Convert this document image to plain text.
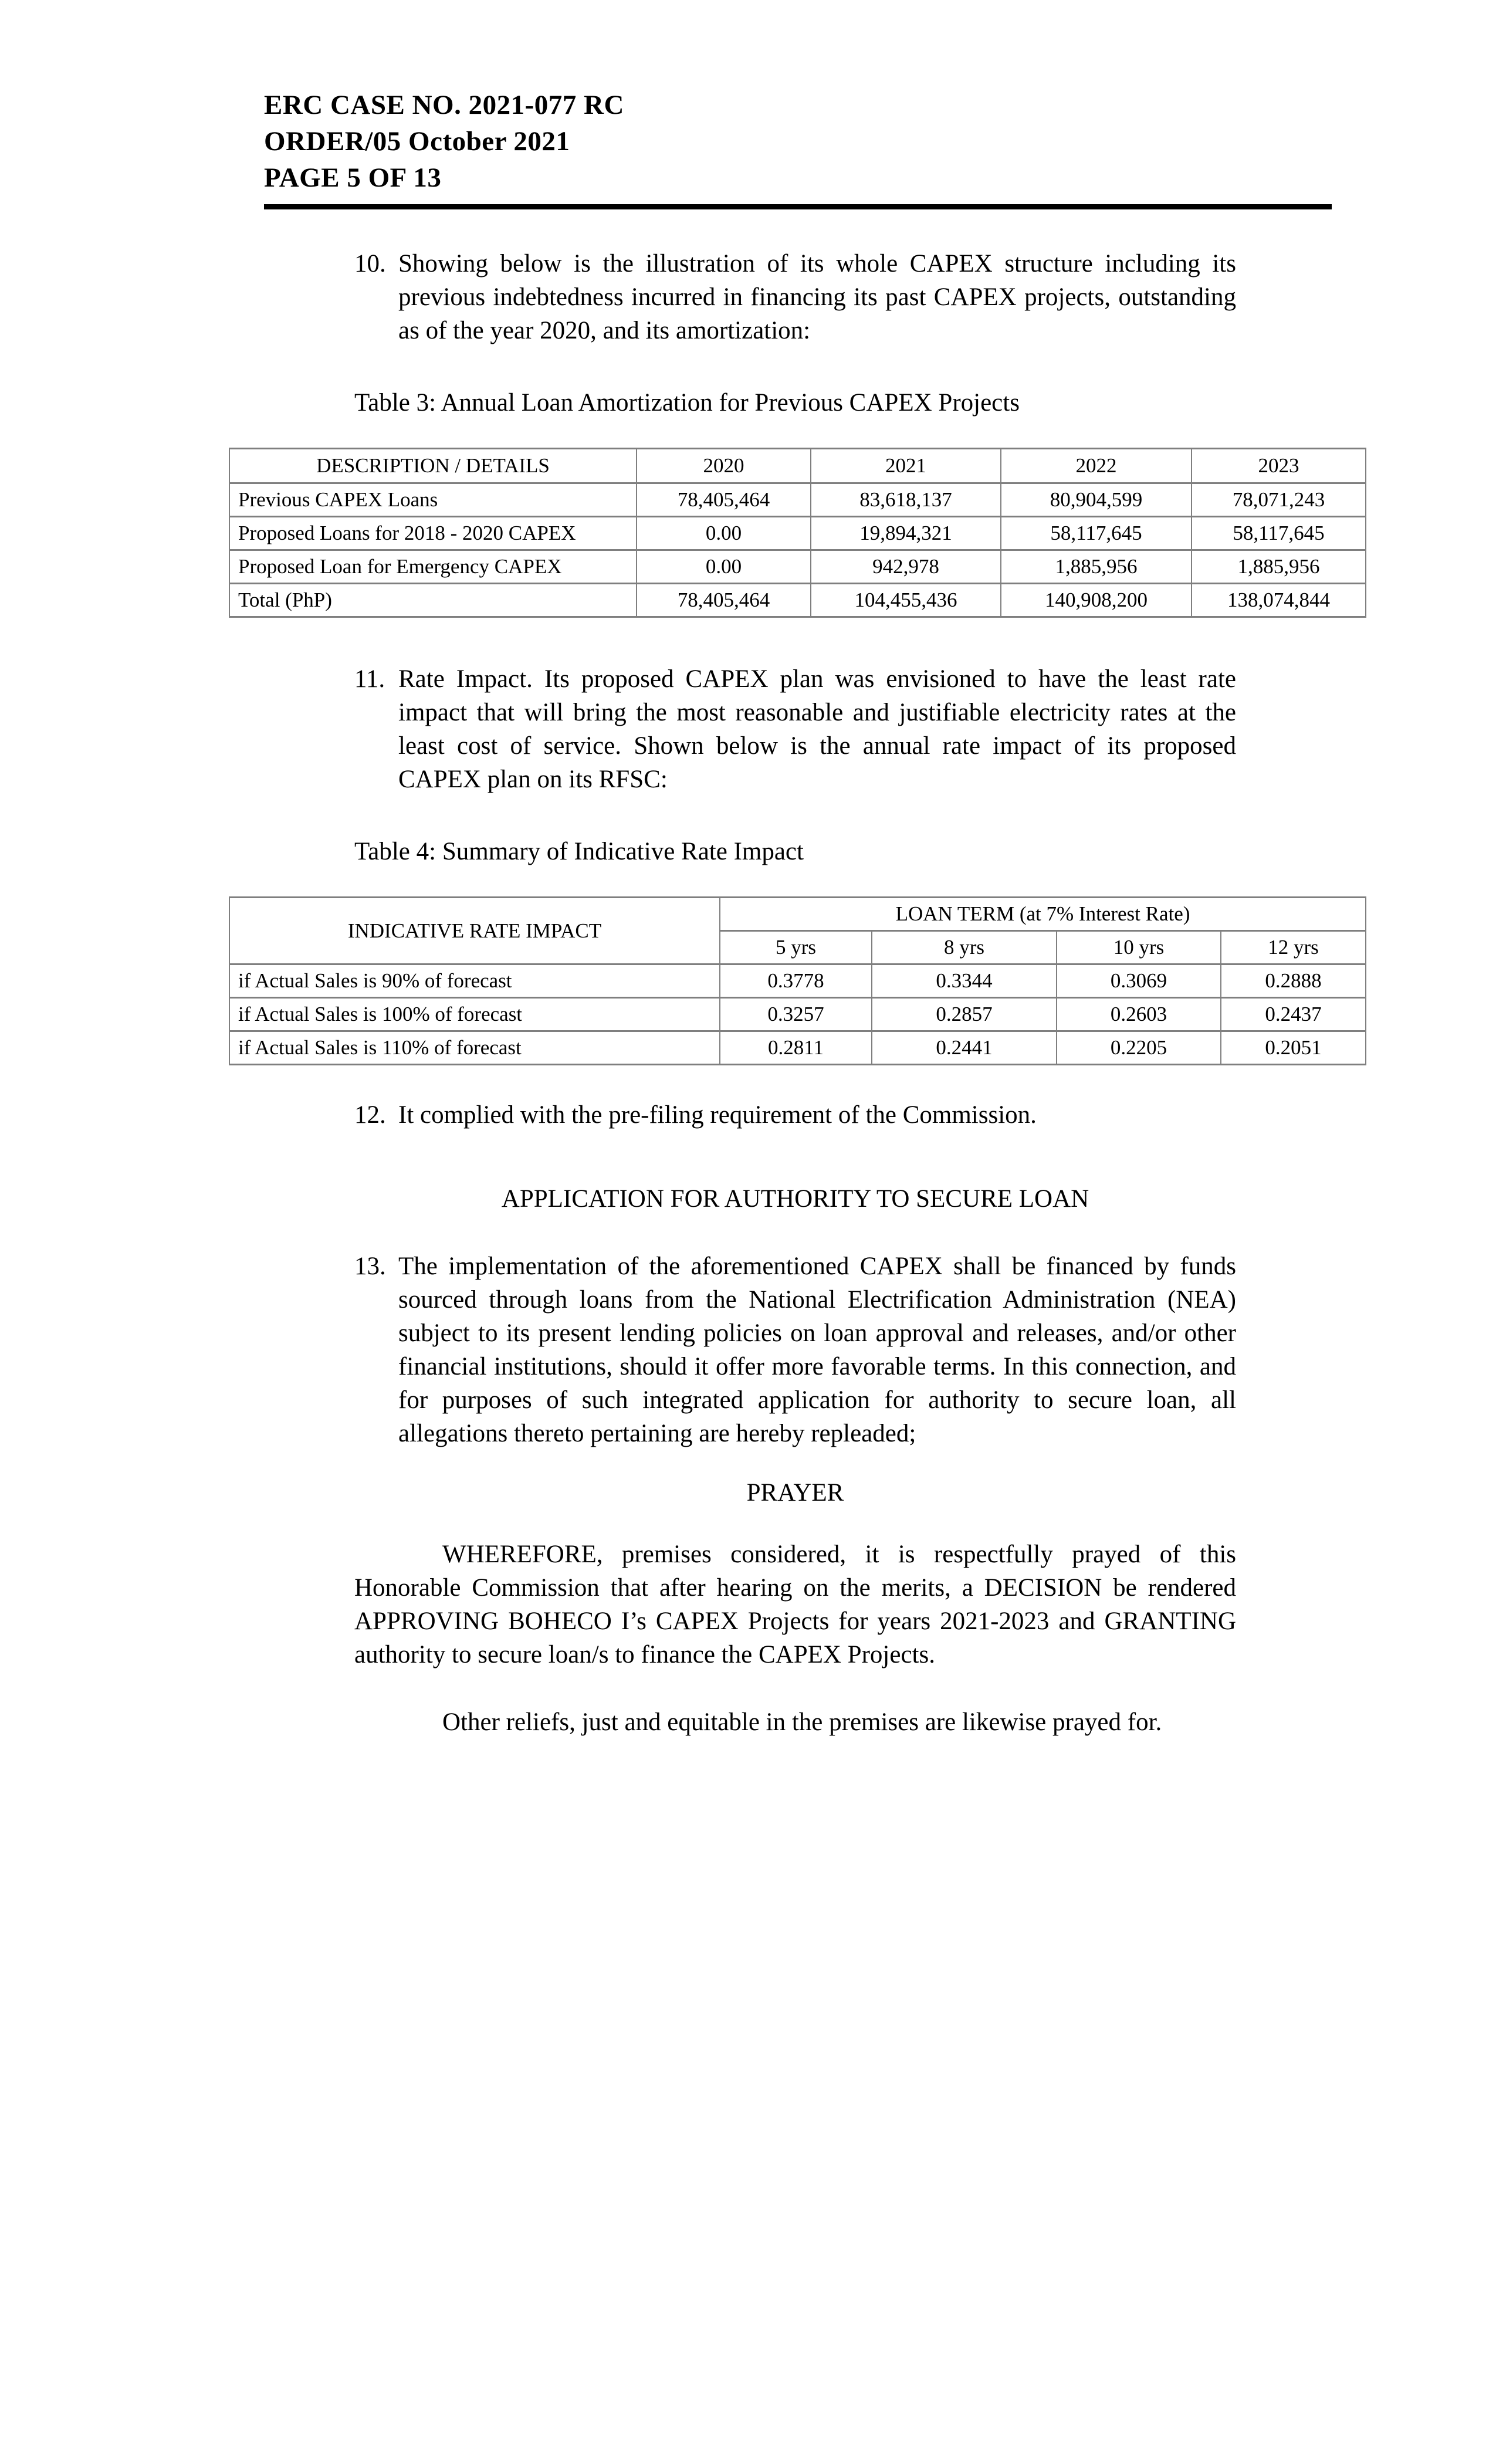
ERC CASE NO. 2021-077 RC
ORDER/05 October 2021
PAGE 5 OF 13
10. Showing below is the illustration of its whole CAPEX structure including its previous indebtedness incurred in financing its past CAPEX projects, outstanding as of the year 2020, and its amortization:
Table 3: Annual Loan Amortization for Previous CAPEX Projects
DESCRIPTION / DETAILS	2020	2021	2022	2023
Previous CAPEX Loans	78,405,464	83,618,137	80,904,599	78,071,243
Proposed Loans for 2018 - 2020 CAPEX	0.00	19,894,321	58,117,645	58,117,645
Proposed Loan for Emergency CAPEX	0.00	942,978	1,885,956	1,885,956
Total (PhP)	78,405,464	104,455,436	140,908,200	138,074,844
11. Rate Impact. Its proposed CAPEX plan was envisioned to have the least rate impact that will bring the most reasonable and justifiable electricity rates at the least cost of service. Shown below is the annual rate impact of its proposed CAPEX plan on its RFSC:
Table 4: Summary of Indicative Rate Impact
INDICATIVE RATE IMPACT	LOAN TERM (at 7% Interest Rate)			
	5 yrs	8 yrs	10 yrs	12 yrs
if Actual Sales is 90% of forecast	0.3778	0.3344	0.3069	0.2888
if Actual Sales is 100% of forecast	0.3257	0.2857	0.2603	0.2437
if Actual Sales is 110% of forecast	0.2811	0.2441	0.2205	0.2051
12. It complied with the pre-filing requirement of the Commission.
APPLICATION FOR AUTHORITY TO SECURE LOAN
13. The implementation of the aforementioned CAPEX shall be financed by funds sourced through loans from the National Electrification Administration (NEA) subject to its present lending policies on loan approval and releases, and/or other financial institutions, should it offer more favorable terms. In this connection, and for purposes of such integrated application for authority to secure loan, all allegations thereto pertaining are hereby repleaded;
PRAYER
WHEREFORE, premises considered, it is respectfully prayed of this Honorable Commission that after hearing on the merits, a DECISION be rendered APPROVING BOHECO I’s CAPEX Projects for years 2021-2023 and GRANTING authority to secure loan/s to finance the CAPEX Projects.
Other reliefs, just and equitable in the premises are likewise prayed for.
